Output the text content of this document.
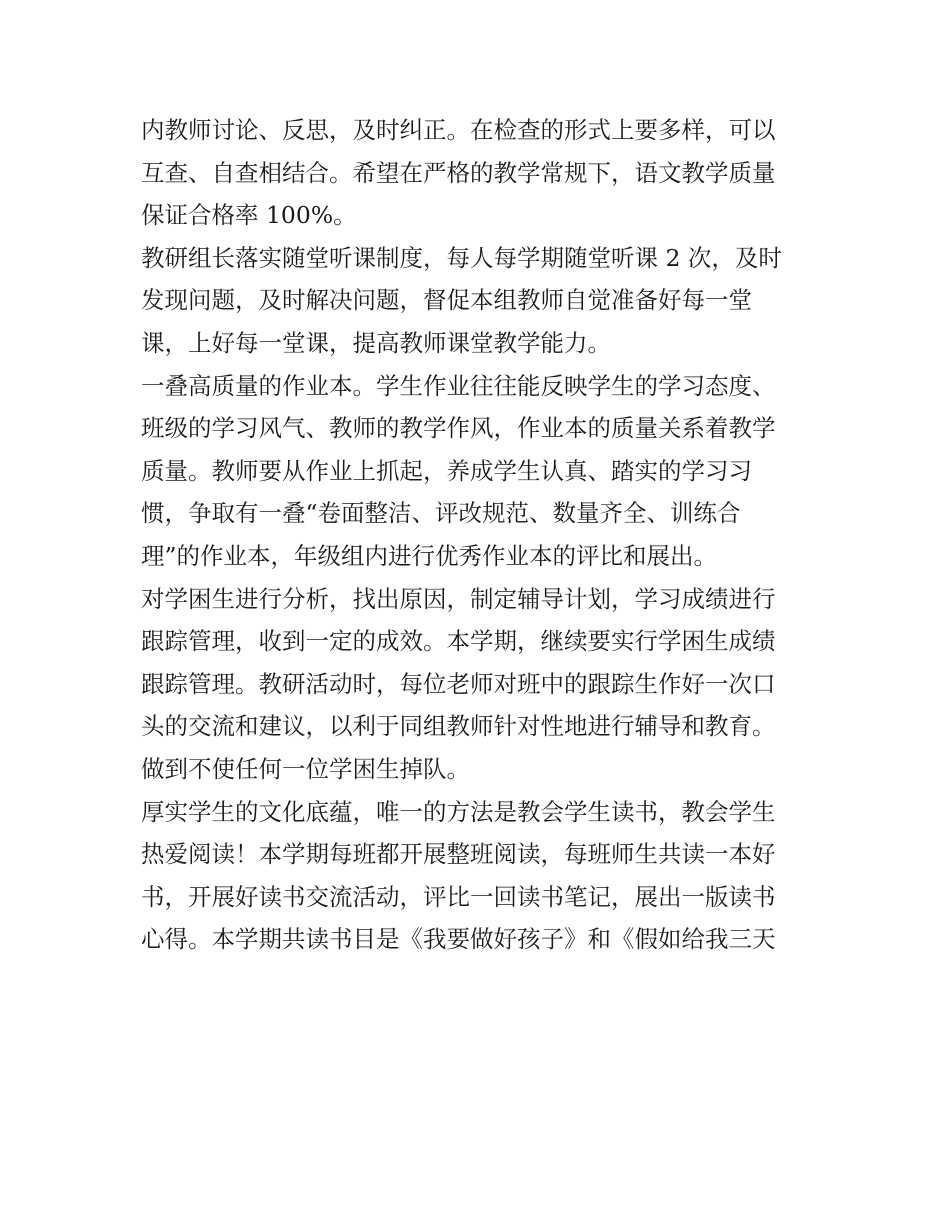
内教师讨论、反思，及时纠正。在检查的形式上要多样，可以
互查、自查相结合。希望在严格的教学常规下，语文教学质量
保证合格率 100%。
教研组长落实随堂听课制度，每人每学期随堂听课 2 次，及时
发现问题，及时解决问题，督促本组教师自觉准备好每一堂
课，上好每一堂课，提高教师课堂教学能力。
一叠高质量的作业本。学生作业往往能反映学生的学习态度、
班级的学习风气、教师的教学作风，作业本的质量关系着教学
质量。教师要从作业上抓起，养成学生认真、踏实的学习习
惯，争取有一叠“卷面整洁、评改规范、数量齐全、训练合
理”的作业本，年级组内进行优秀作业本的评比和展出。
对学困生进行分析，找出原因，制定辅导计划，学习成绩进行
跟踪管理，收到一定的成效。本学期，继续要实行学困生成绩
跟踪管理。教研活动时，每位老师对班中的跟踪生作好一次口
头的交流和建议，以利于同组教师针对性地进行辅导和教育。
做到不使任何一位学困生掉队。
厚实学生的文化底蕴，唯一的方法是教会学生读书，教会学生
热爱阅读！本学期每班都开展整班阅读，每班师生共读一本好
书，开展好读书交流活动，评比一回读书笔记，展出一版读书
心得。本学期共读书目是《我要做好孩子》和《假如给我三天
